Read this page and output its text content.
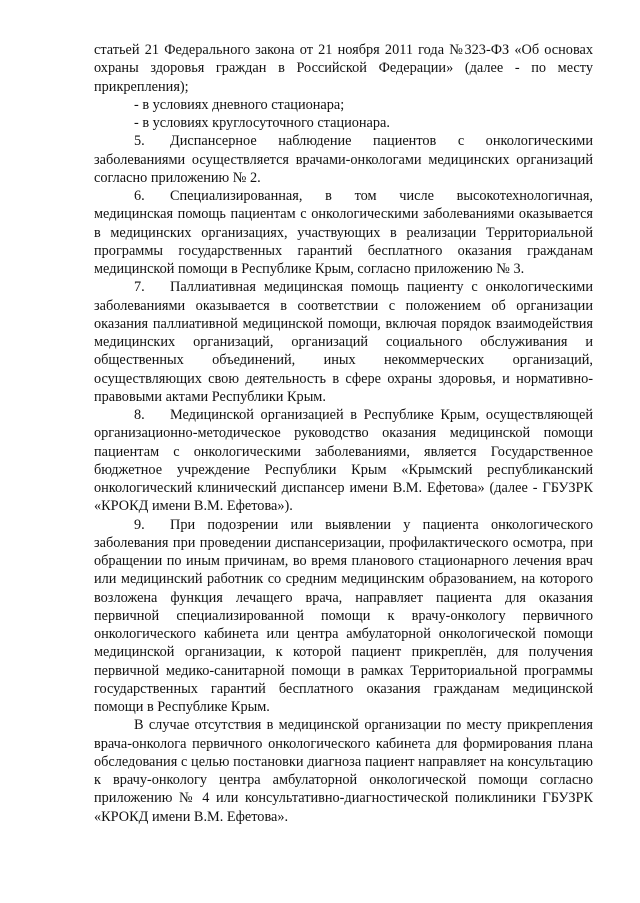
статьей 21 Федерального закона от 21 ноября 2011 года №323-ФЗ «Об основах охраны здоровья граждан в Российской Федерации» (далее - по месту прикрепления);

- в условиях дневного стационара;

- в условиях круглосуточного стационара.

5. Диспансерное наблюдение пациентов с онкологическими заболеваниями осуществляется врачами-онкологами медицинских организаций согласно приложению № 2.

6. Специализированная, в том числе высокотехнологичная, медицинская помощь пациентам с онкологическими заболеваниями оказывается в медицинских организациях, участвующих в реализации Территориальной программы государственных гарантий бесплатного оказания гражданам медицинской помощи в Республике Крым, согласно приложению № 3.

7. Паллиативная медицинская помощь пациенту с онкологическими заболеваниями оказывается в соответствии с положением об организации оказания паллиативной медицинской помощи, включая порядок взаимодействия медицинских организаций, организаций социального обслуживания и общественных объединений, иных некоммерческих организаций, осуществляющих свою деятельность в сфере охраны здоровья, и нормативно-правовыми актами Республики Крым.

8. Медицинской организацией в Республике Крым, осуществляющей организационно-методическое руководство оказания медицинской помощи пациентам с онкологическими заболеваниями, является Государственное бюджетное учреждение Республики Крым «Крымский республиканский онкологический клинический диспансер имени В.М. Ефетова» (далее - ГБУЗРК «КРОКД имени В.М. Ефетова»).

9. При подозрении или выявлении у пациента онкологического заболевания при проведении диспансеризации, профилактического осмотра, при обращении по иным причинам, во время планового стационарного лечения врач или медицинский работник со средним медицинским образованием, на которого возложена функция лечащего врача, направляет пациента для оказания первичной специализированной помощи к врачу-онкологу первичного онкологического кабинета или центра амбулаторной онкологической помощи медицинской организации, к которой пациент прикреплён, для получения первичной медико-санитарной помощи в рамках Территориальной программы государственных гарантий бесплатного оказания гражданам медицинской помощи в Республике Крым.

В случае отсутствия в медицинской организации по месту прикрепления врача-онколога первичного онкологического кабинета для формирования плана обследования с целью постановки диагноза пациент направляет на консультацию к врачу-онкологу центра амбулаторной онкологической помощи согласно приложению № 4 или консультативно-диагностической поликлиники ГБУЗРК «КРОКД имени В.М. Ефетова».
